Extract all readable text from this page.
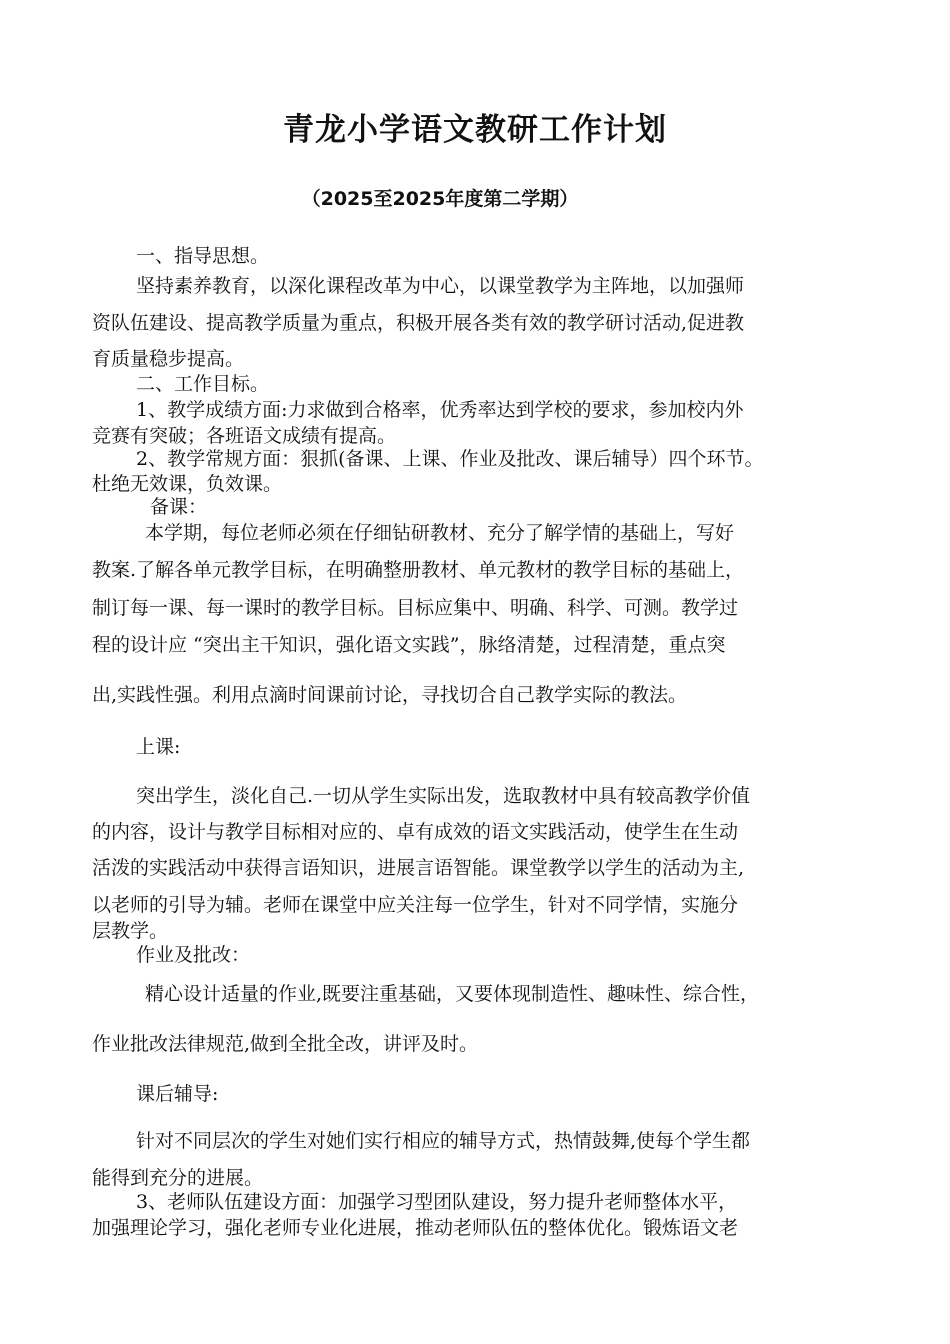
青龙小学语文教研工作计划

（2025至2025年度第二学期）

一、指导思想。

坚持素养教育，以深化课程改革为中心，以课堂教学为主阵地，以加强师

资队伍建设、提高教学质量为重点，积极开展各类有效的教学研讨活动,促进教

育质量稳步提高。

二、工作目标。

1、教学成绩方面:力求做到合格率，优秀率达到学校的要求，参加校内外

竞赛有突破；各班语文成绩有提高。

2、教学常规方面：狠抓(备课、上课、作业及批改、课后辅导）四个环节。

杜绝无效课，负效课。

备课：

本学期，每位老师必须在仔细钻研教材、充分了解学情的基础上，写好

教案.了解各单元教学目标，在明确整册教材、单元教材的教学目标的基础上，

制订每一课、每一课时的教学目标。目标应集中、明确、科学、可测。教学过

程的设计应 “突出主干知识，强化语文实践”，脉络清楚，过程清楚，重点突

出,实践性强。利用点滴时间课前讨论，寻找切合自己教学实际的教法。

上课:

突出学生，淡化自己.一切从学生实际出发，选取教材中具有较高教学价值

的内容，设计与教学目标相对应的、卓有成效的语文实践活动，使学生在生动

活泼的实践活动中获得言语知识，进展言语智能。课堂教学以学生的活动为主,

以老师的引导为辅。老师在课堂中应关注每一位学生，针对不同学情，实施分

层教学。

作业及批改：

精心设计适量的作业,既要注重基础，又要体现制造性、趣味性、综合性，

作业批改法律规范,做到全批全改，讲评及时。

课后辅导:

针对不同层次的学生对她们实行相应的辅导方式，热情鼓舞,使每个学生都

能得到充分的进展。

3、老师队伍建设方面：加强学习型团队建设，努力提升老师整体水平，

加强理论学习，强化老师专业化进展，推动老师队伍的整体优化。锻炼语文老
